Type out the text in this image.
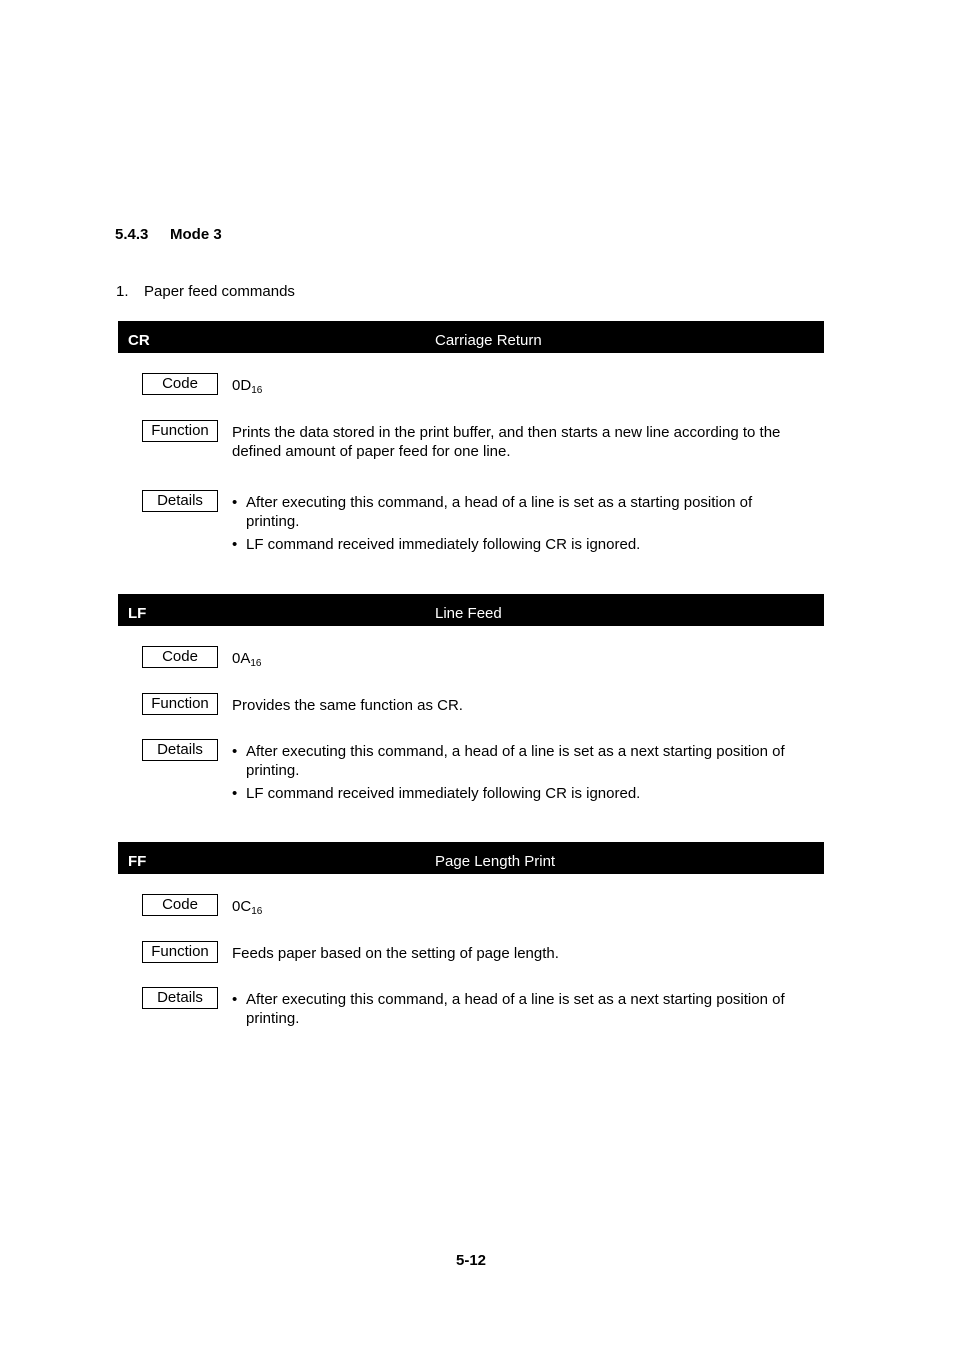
5.4.3 Mode 3
1. Paper feed commands
CR	Carriage Return
Code	$0D_{16}$
Function	Prints the data stored in the print buffer, and then starts a new line according to the
defined amount of paper feed for one line.
Details	• After executing this command, a head of a line is set as a starting position of
printing.
• LF command received immediately following CR is ignored.
LF	Line Feed
Code	$0A_{16}$
Function	Provides the same function as CR.
Details	• After executing this command, a head of a line is set as a next starting position of
printing.
• LF command received immediately following CR is ignored.
FF	Page Length Print
Code	$0C_{16}$
Function	Feeds paper based on the setting of page length.
Details	• After executing this command, a head of a line is set as a next starting position of
printing.
5-12
